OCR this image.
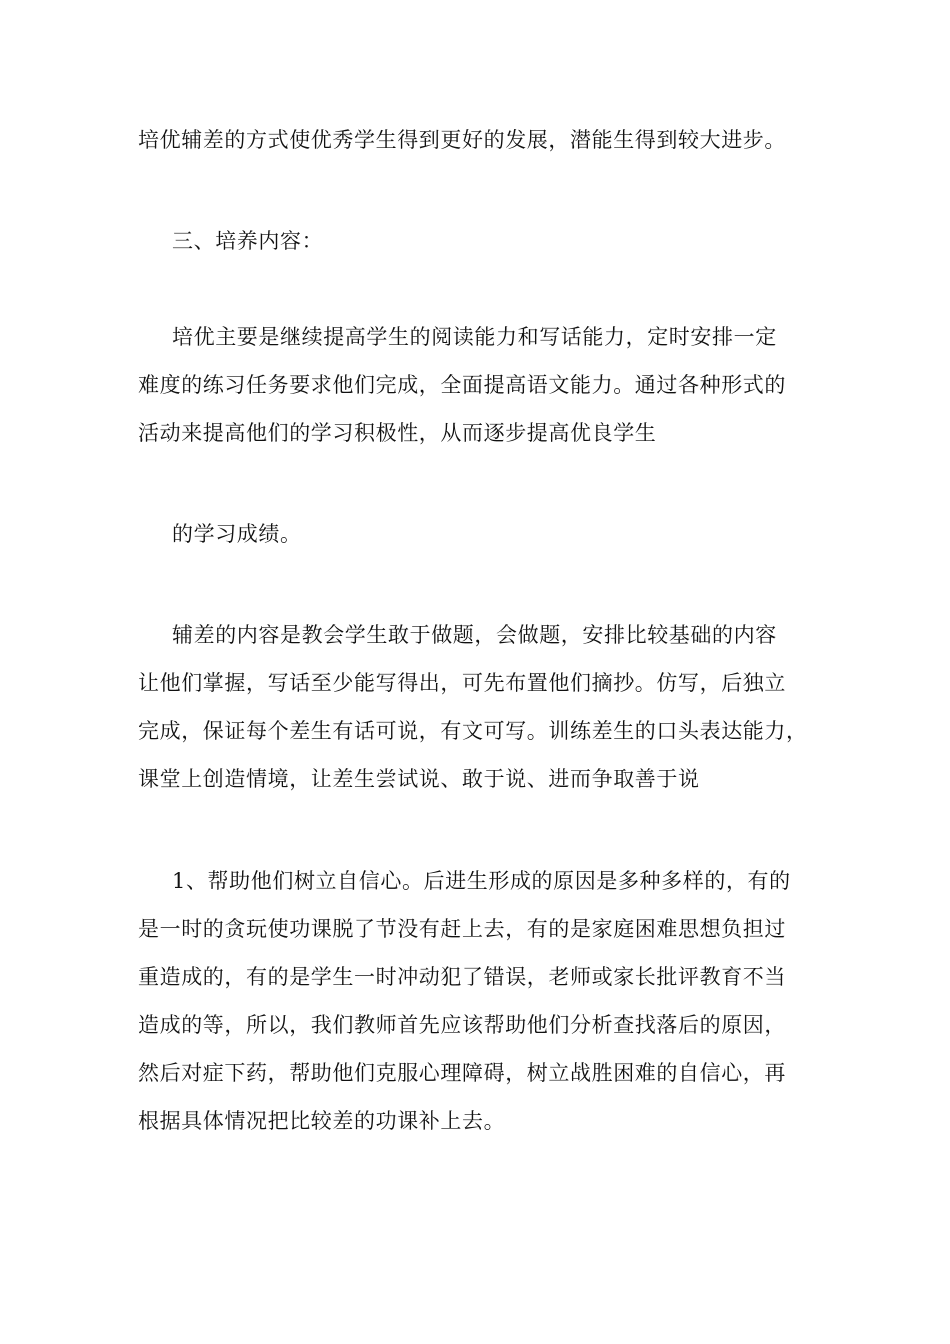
培优辅差的方式使优秀学生得到更好的发展，潜能生得到较大进步。
三、培养内容：
培优主要是继续提高学生的阅读能力和写话能力，定时安排一定
难度的练习任务要求他们完成，全面提高语文能力。通过各种形式的
活动来提高他们的学习积极性，从而逐步提高优良学生
的学习成绩。
辅差的内容是教会学生敢于做题，会做题，安排比较基础的内容
让他们掌握，写话至少能写得出，可先布置他们摘抄。仿写，后独立
完成，保证每个差生有话可说，有文可写。训练差生的口头表达能力，
课堂上创造情境，让差生尝试说、敢于说、进而争取善于说
1、帮助他们树立自信心。后进生形成的原因是多种多样的，有的
是一时的贪玩使功课脱了节没有赶上去，有的是家庭困难思想负担过
重造成的，有的是学生一时冲动犯了错误，老师或家长批评教育不当
造成的等，所以，我们教师首先应该帮助他们分析查找落后的原因，
然后对症下药，帮助他们克服心理障碍，树立战胜困难的自信心，再
根据具体情况把比较差的功课补上去。
